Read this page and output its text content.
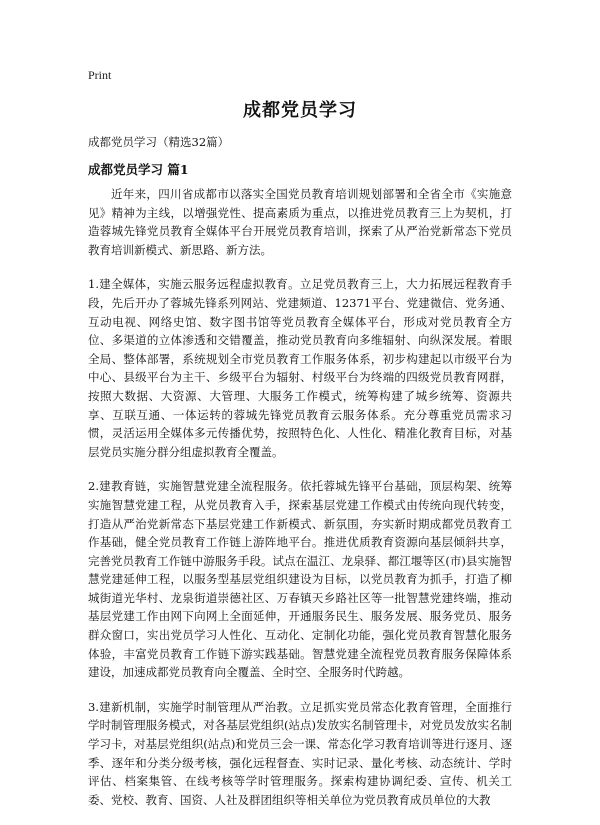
Print
成都党员学习

成都党员学习（精选32篇）

成都党员学习 篇1

近年来，四川省成都市以落实全国党员教育培训规划部署和全省全市《实施意见》精神为主线，以增强党性、提高素质为重点，以推进党员教育三上为契机，打造蓉城先锋党员教育全媒体平台开展党员教育培训，探索了从严治党新常态下党员教育培训新模式、新思路、新方法。

1.建全媒体，实施云服务远程虚拟教育。立足党员教育三上，大力拓展远程教育手段，先后开办了蓉城先锋系列网站、党建频道、12371平台、党建微信、党务通、互动电视、网络史馆、数字图书馆等党员教育全媒体平台，形成对党员教育全方位、多渠道的立体渗透和交错覆盖，推动党员教育向多维辐射、向纵深发展。着眼全局、整体部署，系统规划全市党员教育工作服务体系，初步构建起以市级平台为中心、县级平台为主干、乡级平台为辐射、村级平台为终端的四级党员教育网群，按照大数据、大资源、大管理、大服务工作模式，统筹构建了城乡统筹、资源共享、互联互通、一体运转的蓉城先锋党员教育云服务体系。充分尊重党员需求习惯，灵活运用全媒体多元传播优势，按照特色化、人性化、精准化教育目标，对基层党员实施分群分组虚拟教育全覆盖。

2.建教育链，实施智慧党建全流程服务。依托蓉城先锋平台基础，顶层构架、统筹实施智慧党建工程，从党员教育入手，探索基层党建工作模式由传统向现代转变，打造从严治党新常态下基层党建工作新模式、新氛围，夯实新时期成都党员教育工作基础，健全党员教育工作链上游阵地平台。推进优质教育资源向基层倾斜共享，完善党员教育工作链中游服务手段。试点在温江、龙泉驿、都江堰等区(市)县实施智慧党建延伸工程，以服务型基层党组织建设为目标，以党员教育为抓手，打造了柳城街道光华村、龙泉街道崇德社区、万春镇天乡路社区等一批智慧党建终端，推动基层党建工作由网下向网上全面延伸，开通服务民生、服务发展、服务党员、服务群众窗口，实出党员学习人性化、互动化、定制化功能，强化党员教育智慧化服务体验，丰富党员教育工作链下游实践基础。智慧党建全流程党员教育服务保障体系建设，加速成都党员教育向全覆盖、全时空、全服务时代跨越。

3.建新机制，实施学时制管理从严治教。立足抓实党员常态化教育管理，全面推行学时制管理服务模式，对各基层党组织(站点)发放实名制管理卡，对党员发放实名制学习卡，对基层党组织(站点)和党员三会一课、常态化学习教育培训等进行逐月、逐季、逐年和分类分级考核，强化远程督查、实时记录、量化考核、动态统计、学时评估、档案集管、在线考核等学时管理服务。探索构建协调纪委、宣传、机关工委、党校、教育、国资、人社及群团组织等相关单位为党员教育成员单位的大教
